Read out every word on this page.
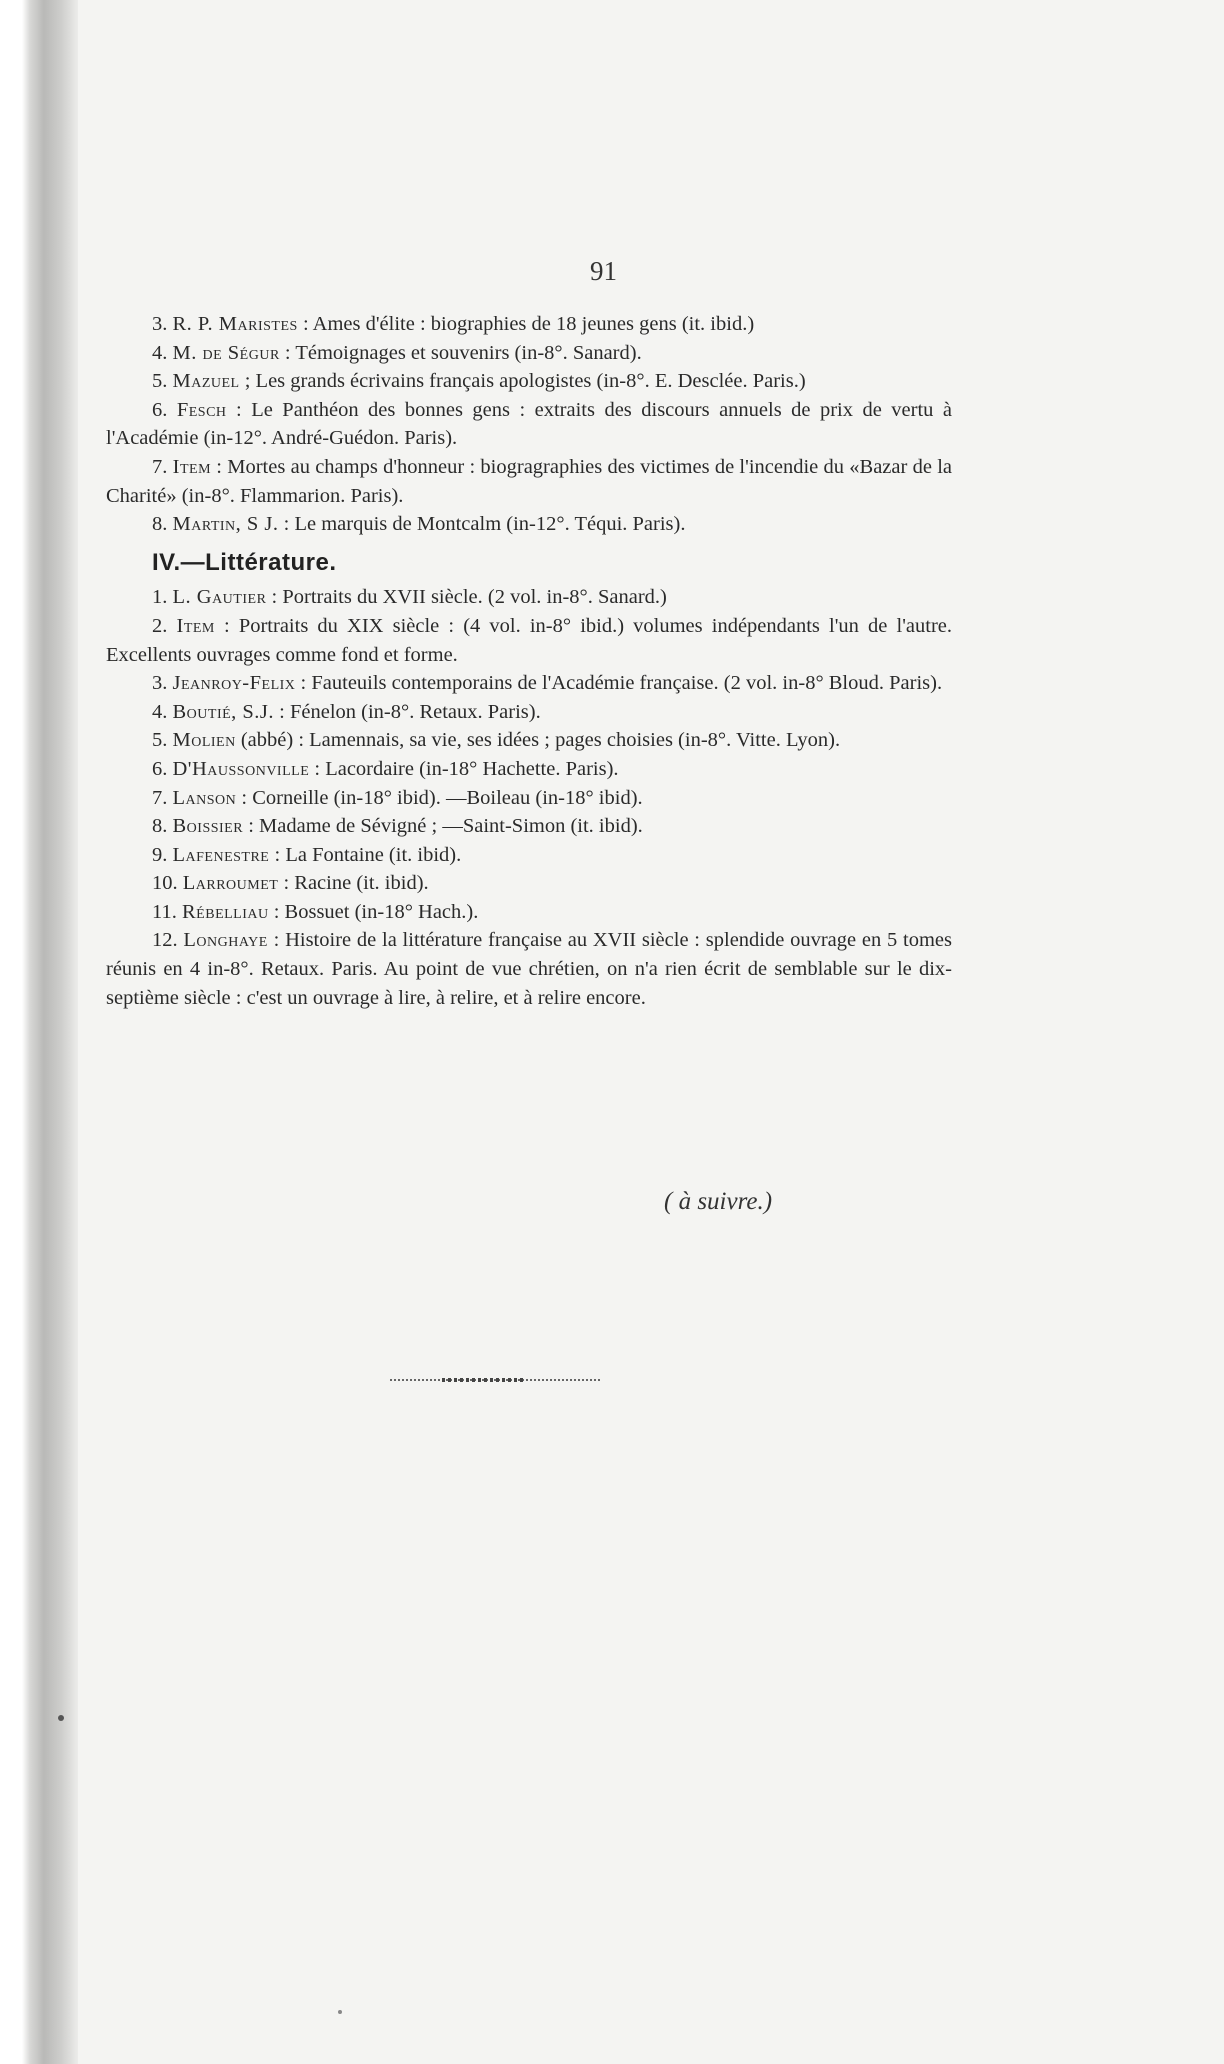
91

3. R. P. Maristes : Ames d'élite : biographies de 18 jeunes gens (it. ibid.)

4. M. de Ségur : Témoignages et souvenirs (in-8°. Sanard).

5. Mazuel ; Les grands écrivains français apologistes (in-8°. E. Desclée. Paris.)

6. Fesch : Le Panthéon des bonnes gens : extraits des discours annuels de prix de vertu à l'Académie (in-12°. André-Guédon. Paris).

7. Item : Mortes au champs d'honneur : biogragraphies des victimes de l'incendie du «Bazar de la Charité» (in-8°. Flammarion. Paris).

8. Martin, S J. : Le marquis de Montcalm (in-12°. Téqui. Paris).

IV.—Littérature.

1. L. Gautier : Portraits du XVII siècle. (2 vol. in-8°. Sanard.)

2. Item : Portraits du XIX siècle : (4 vol. in-8° ibid.) volumes indépendants l'un de l'autre. Excellents ouvrages comme fond et forme.

3. Jeanroy-Felix : Fauteuils contemporains de l'Académie française. (2 vol. in-8° Bloud. Paris).

4. Boutié, S.J. : Fénelon (in-8°. Retaux. Paris).

5. Molien (abbé) : Lamennais, sa vie, ses idées ; pages choisies (in-8°. Vitte. Lyon).

6. D'Haussonville : Lacordaire (in-18° Hachette. Paris).

7. Lanson : Corneille (in-18° ibid). —Boileau (in-18° ibid).

8. Boissier : Madame de Sévigné ; —Saint-Simon (it. ibid).

9. Lafenestre : La Fontaine (it. ibid).

10. Larroumet : Racine (it. ibid).

11. Rébelliau : Bossuet (in-18° Hach.).

12. Longhaye : Histoire de la littérature française au XVII siècle : splendide ouvrage en 5 tomes réunis en 4 in-8°. Retaux. Paris. Au point de vue chrétien, on n'a rien écrit de semblable sur le dix-septième siècle : c'est un ouvrage à lire, à relire, et à relire encore.

( à suivre.)
